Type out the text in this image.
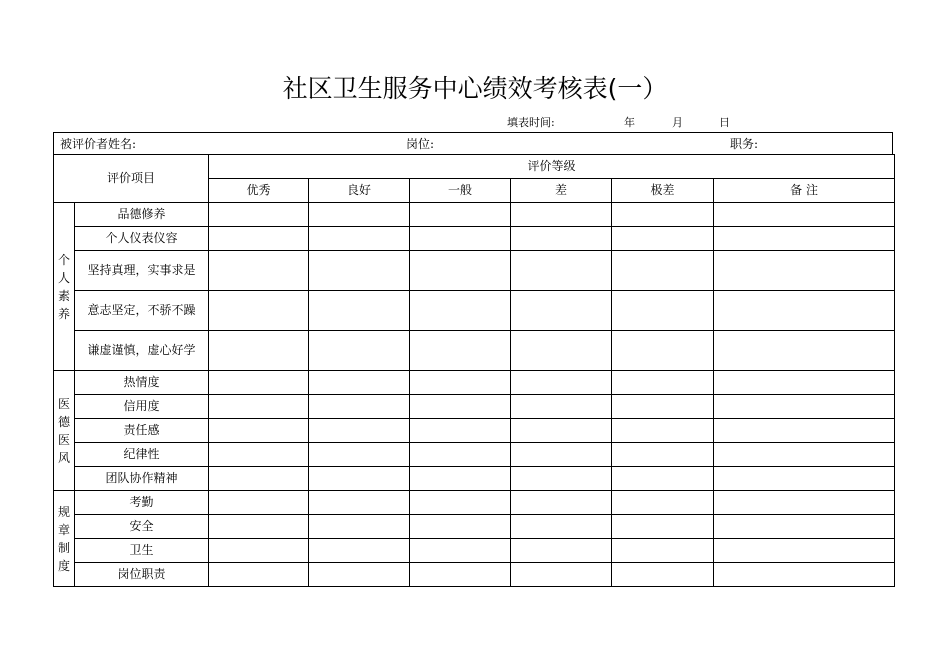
社区卫生服务中心绩效考核表(一）
填表时间:	年	月	日
被评价者姓名:	岗位:	职务:
评价项目		评价等级					
		优秀	良好	一般	差	极差	备 注

个人素养	品德修养						

	个人仪表仪容						

	坚持真理，实事求是						

	意志坚定，不骄不躁						

	谦虚谨慎，虚心好学						

医德医风	热情度						

	信用度						

	责任感						

	纪律性						

	团队协作精神						

规章制度	考勤						

	安全						

	卫生						

	岗位职责						
